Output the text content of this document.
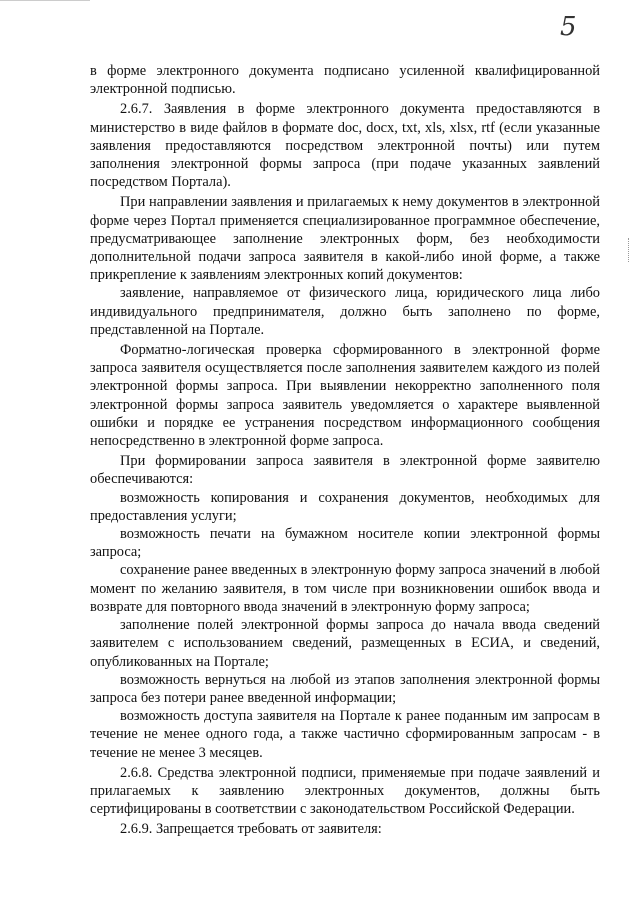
5

в форме электронного документа подписано усиленной квалифицированной электронной подписью.

2.6.7. Заявления в форме электронного документа предоставляются в министерство в виде файлов в формате doc, docx, txt, xls, xlsx, rtf (если указанные заявления предоставляются посредством электронной почты) или путем заполнения электронной формы запроса (при подаче указанных заявлений посредством Портала).

При направлении заявления и прилагаемых к нему документов в электронной форме через Портал применяется специализированное программное обеспечение, предусматривающее заполнение электронных форм, без необходимости дополнительной подачи запроса заявителя в какой-либо иной форме, а также прикрепление к заявлениям электронных копий документов:

заявление, направляемое от физического лица, юридического лица либо индивидуального предпринимателя, должно быть заполнено по форме, представленной на Портале.

Форматно-логическая проверка сформированного в электронной форме запроса заявителя осуществляется после заполнения заявителем каждого из полей электронной формы запроса. При выявлении некорректно заполненного поля электронной формы запроса заявитель уведомляется о характере выявленной ошибки и порядке ее устранения посредством информационного сообщения непосредственно в электронной форме запроса.

При формировании запроса заявителя в электронной форме заявителю обеспечиваются:

возможность копирования и сохранения документов, необходимых для предоставления услуги;

возможность печати на бумажном носителе копии электронной формы запроса;

сохранение ранее введенных в электронную форму запроса значений в любой момент по желанию заявителя, в том числе при возникновении ошибок ввода и возврате для повторного ввода значений в электронную форму запроса;

заполнение полей электронной формы запроса до начала ввода сведений заявителем с использованием сведений, размещенных в ЕСИА, и сведений, опубликованных на Портале;

возможность вернуться на любой из этапов заполнения электронной формы запроса без потери ранее введенной информации;

возможность доступа заявителя на Портале к ранее поданным им запросам в течение не менее одного года, а также частично сформированным запросам - в течение не менее 3 месяцев.

2.6.8. Средства электронной подписи, применяемые при подаче заявлений и прилагаемых к заявлению электронных документов, должны быть сертифицированы в соответствии с законодательством Российской Федерации.

2.6.9. Запрещается требовать от заявителя:
